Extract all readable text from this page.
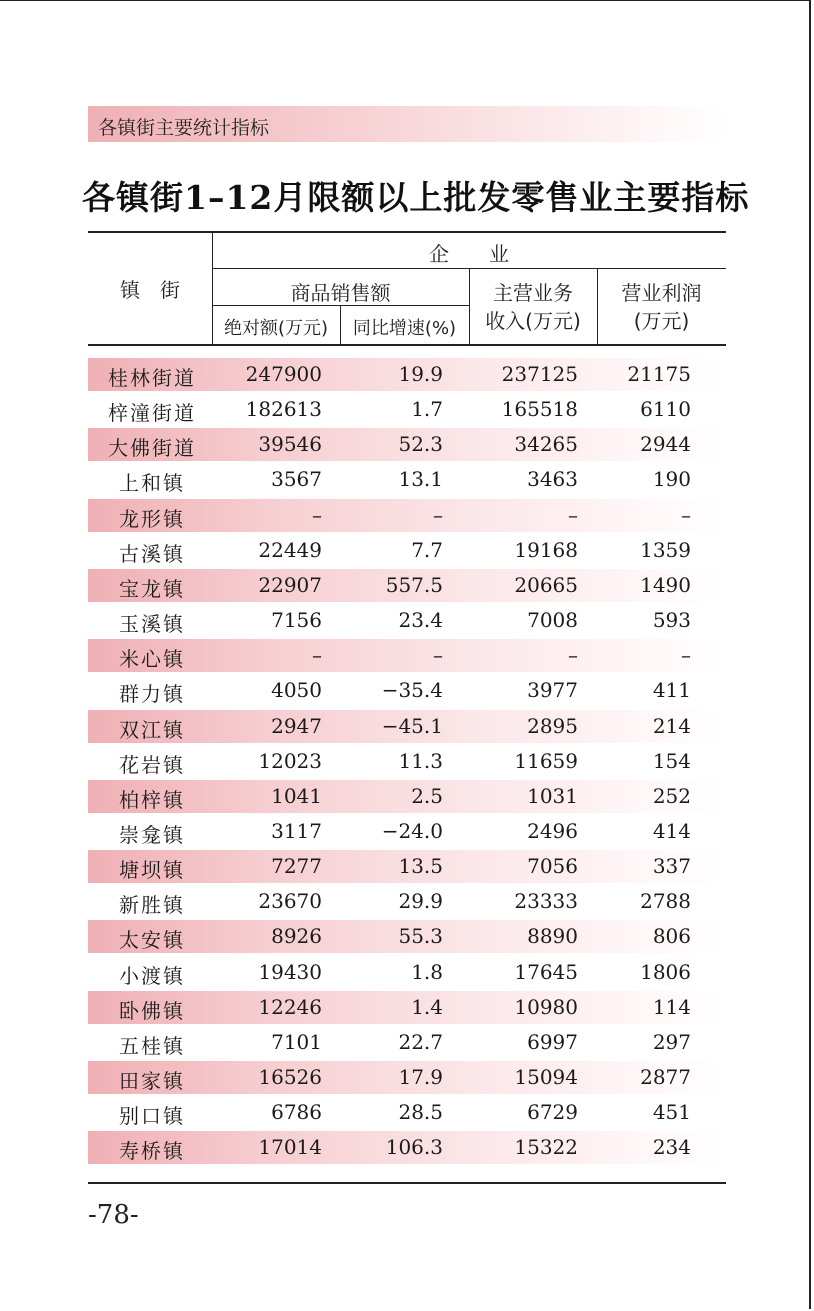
各镇街主要统计指标
各镇街1–12月限额以上批发零售业主要指标
镇　街
企　　业
商品销售额
绝对额(万元)	同比增速(%)
主营业务
收入(万元)
营业利润
(万元)
桂林街道	247900	19.9	237125 21175
梓潼街道	182613	1.7	165518	6110
大佛街道	39546	52.3	34265	2944
上和镇	3567	13.1	3463	190
龙形镇	–	–	–	–
古溪镇	22449	7.7	19168	1359
宝龙镇	22907	557.5	20665	1490
玉溪镇	7156	23.4	7008	593
米心镇	–	–	–	–
群力镇	4050	−35.4	3977	411
双江镇	2947	−45.1	2895	214
花岩镇	12023	11.3	11659	154
柏梓镇	1041	2.5	1031	252
崇龛镇	3117	−24.0	2496	414
塘坝镇	7277	13.5	7056	337
新胜镇	23670	29.9	23333	2788
太安镇	8926	55.3	8890	806
小渡镇	19430	1.8	17645	1806
卧佛镇	12246	1.4	10980	114
五桂镇	7101	22.7	6997	297
田家镇	16526	17.9	15094	2877
别口镇	6786	28.5	6729	451
寿桥镇	17014	106.3	15322	234
-78-
